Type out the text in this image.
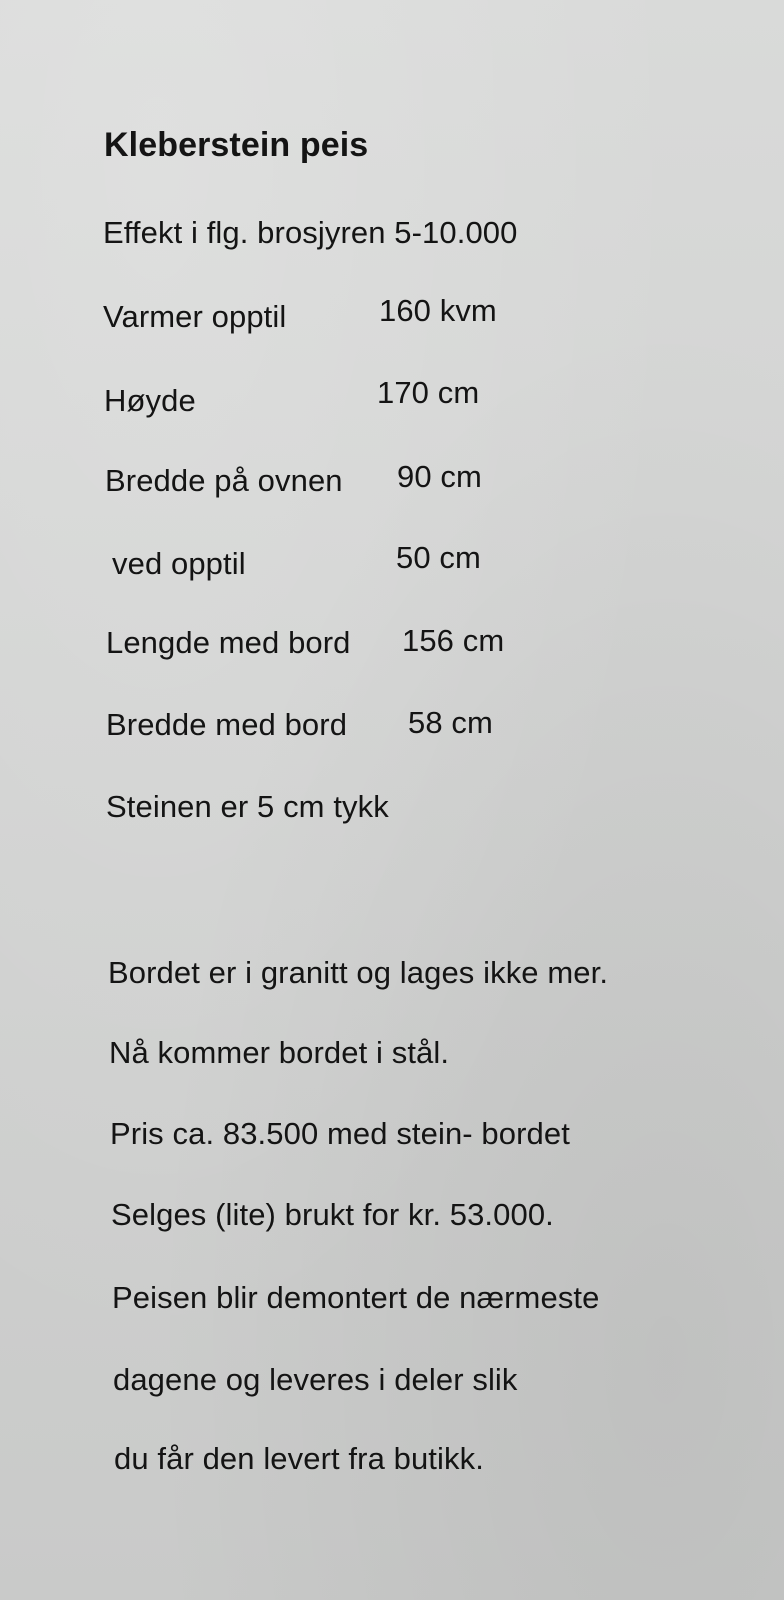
Kleberstein peis

Effekt i flg. brosjyren 5-10.000

Varmer opptil	160 kvm
Høyde	170 cm
Bredde på ovnen 90 cm
ved opptil	50 cm
Lengde med bord 156 cm
Bredde med bord 58 cm

Steinen er 5 cm tykk

Bordet er i granitt og lages ikke mer.

Nå kommer bordet i stål.

Pris ca. 83.500 med stein- bordet

Selges (lite) brukt for kr. 53.000.

Peisen blir demontert de nærmeste

dagene og leveres i deler slik

du får den levert fra butikk.
